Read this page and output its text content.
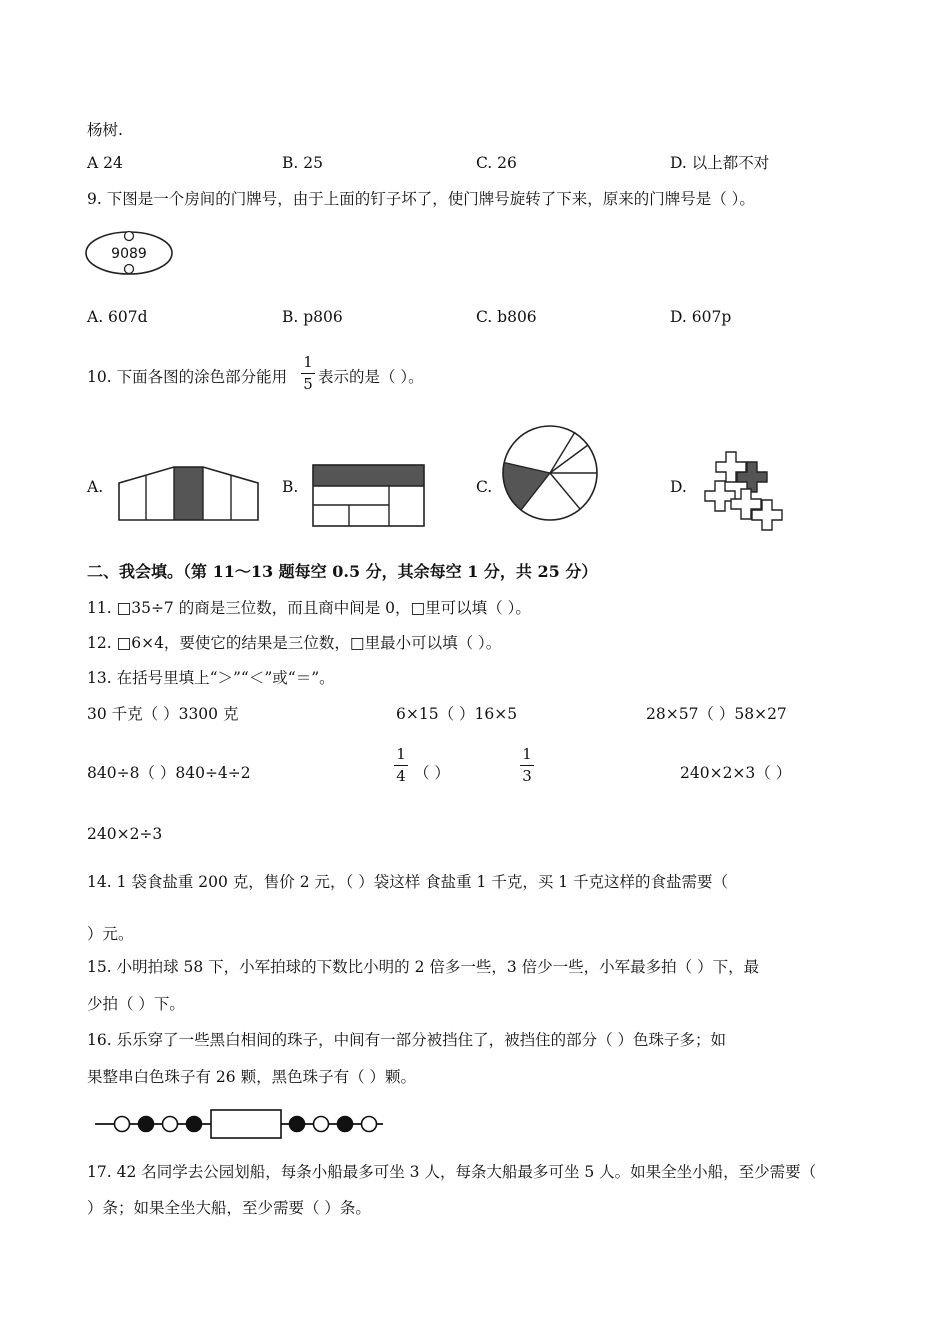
杨树.
A 24	B. 25	C. 26	D. 以上都不对
9. 下图是一个房间的门牌号，由于上面的钉子坏了，使门牌号旋转了下来，原来的门牌号是（ ）。
9089
A. 607d	B. p806	C. b806	D. 607p
10. 下面各图的涂色部分能用
1
5 表示的是（ ）。
A.	B.	C.	D.
二、我会填。（第 11～13 题每空 0.5 分，其余每空 1 分，共 25 分）
11. □35÷7 的商是三位数，而且商中间是 0，□里可以填（ ）。
12. □6×4，要使它的结果是三位数，□里最小可以填（ ）。
13. 在括号里填上“＞”“＜”或“＝”。
30 千克（ ）3300 克	6×15（ ）16×5	28×57（ ）58×27
840÷8（ ）840÷4÷2
1
4 （ ）
1
3	240×2×3（ ）
240×2÷3
14. 1 袋食盐重 200 克，售价 2 元，（ ）袋这样 食盐重 1 千克，买 1 千克这样的食盐需要（
）元。
15. 小明拍球 58 下，小军拍球的下数比小明的 2 倍多一些，3 倍少一些，小军最多拍（ ）下，最
少拍（ ）下。
16. 乐乐穿了一些黑白相间的珠子，中间有一部分被挡住了，被挡住的部分（ ）色珠子多；如
果整串白色珠子有 26 颗，黑色珠子有（ ）颗。
17. 42 名同学去公园划船，每条小船最多可坐 3 人，每条大船最多可坐 5 人。如果全坐小船，至少需要（
）条；如果全坐大船，至少需要（ ）条。
